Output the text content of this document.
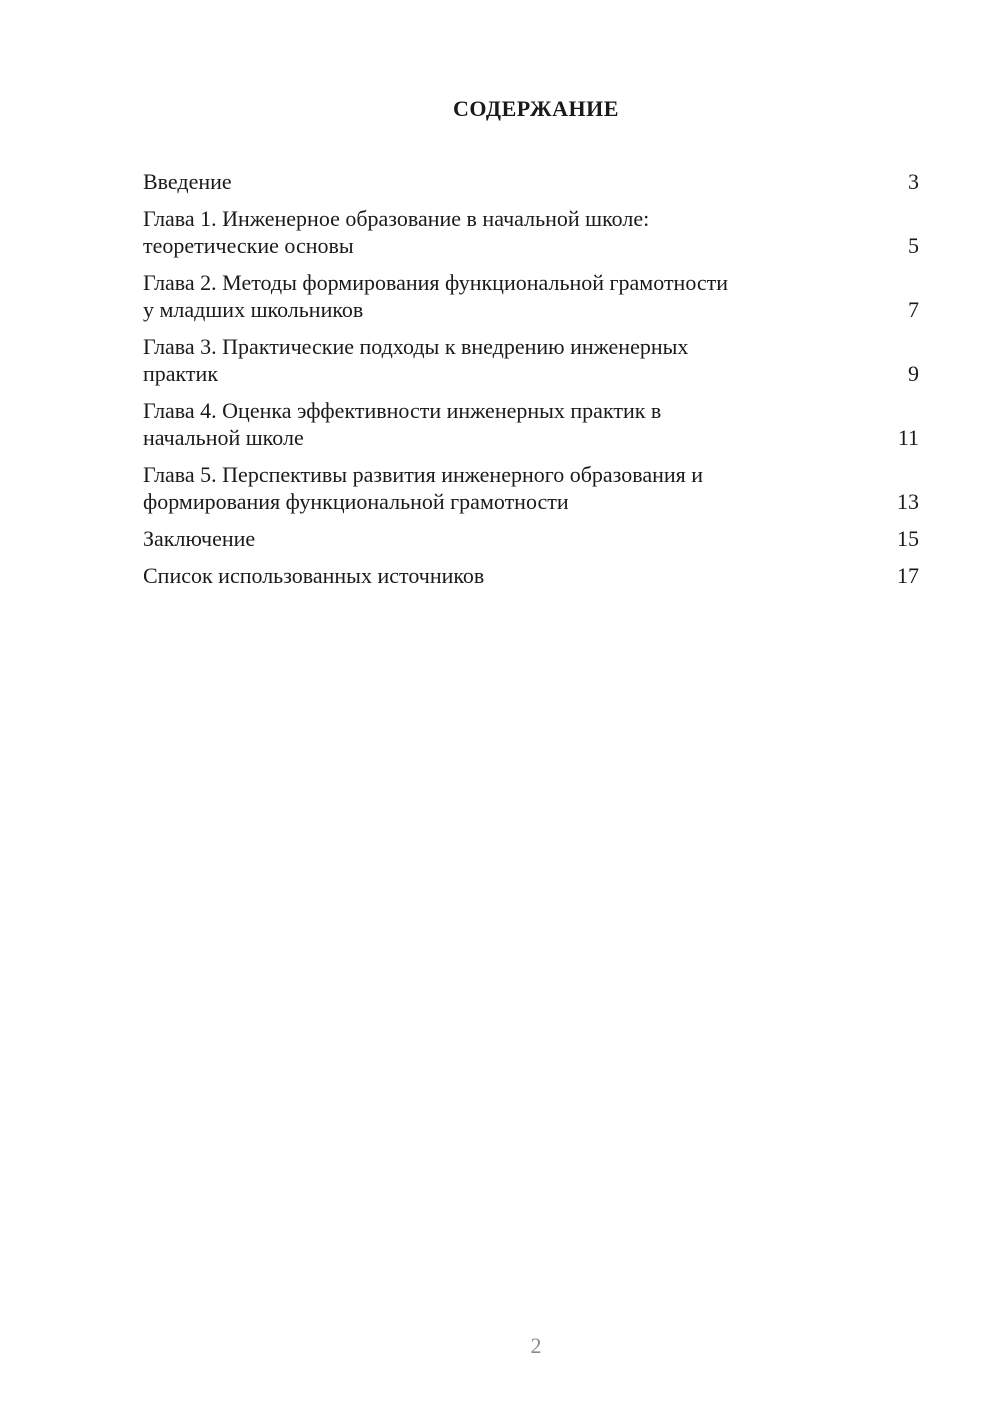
СОДЕРЖАНИЕ
Введение	3
Глава 1. Инженерное образование в начальной школе:
теоретические основы	5
Глава 2. Методы формирования функциональной грамотности
у младших школьников	7
Глава 3. Практические подходы к внедрению инженерных
практик	9
Глава 4. Оценка эффективности инженерных практик в
начальной школе	11
Глава 5. Перспективы развития инженерного образования и
формирования функциональной грамотности	13
Заключение	15
Список использованных источников	17
2
